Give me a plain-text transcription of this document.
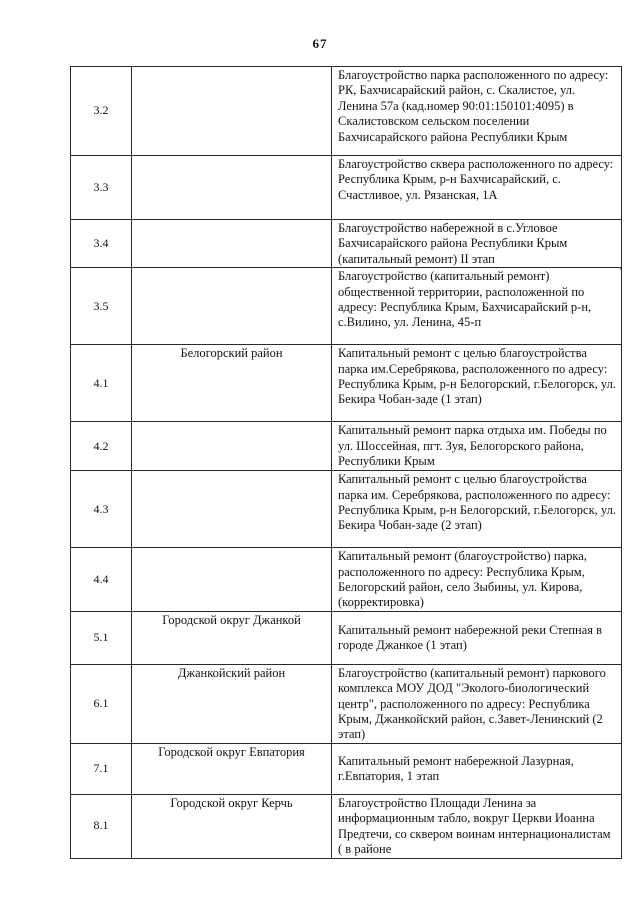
67
3.2		Благоустройство парка расположенного по адресу: РК, Бахчисарайский район, с. Скалистое, ул. Ленина 57а (кад.номер 90:01:150101:4095) в Скалистовском сельском поселении Бахчисарайского района Республики Крым
3.3		Благоустройство сквера расположенного по адресу: Республика Крым, р-н Бахчисарайский, с. Счастливое, ул. Рязанская, 1А
3.4		Благоустройство набережной в с.Угловое Бахчисарайского района Республики Крым (капитальный ремонт) II этап
3.5		Благоустройство (капитальный ремонт) общественной территории, расположенной по адресу: Республика Крым, Бахчисарайский р-н, с.Вилино, ул. Ленина, 45-п
4.1	Белогорский район	Капитальный ремонт с целью благоустройства парка им.Серебрякова, расположенного по адресу: Республика Крым, р-н Белогорский, г.Белогорск, ул. Бекира Чобан-заде (1 этап)
4.2		Капитальный ремонт парка отдыха им. Победы по ул. Шоссейная, пгт. Зуя, Белогорского района, Республики Крым
4.3		Капитальный ремонт с целью благоустройства парка им. Серебрякова, расположенного по адресу: Республика Крым, р-н Белогорский, г.Белогорск, ул. Бекира Чобан-заде (2 этап)
4.4		Капитальный ремонт (благоустройство) парка, расположенного по адресу: Республика Крым, Белогорский район, село Зыбины, ул. Кирова, (корректировка)
5.1	Городской округ Джанкой	Капитальный ремонт набережной реки Степная в городе Джанкое (1 этап)
6.1	Джанкойский район	Благоустройство (капитальный ремонт) паркового комплекса МОУ ДОД "Эколого-биологический центр", расположенного по адресу: Республика Крым, Джанкойский район, с.Завет-Ленинский (2 этап)
7.1	Городской округ Евпатория	Капитальный ремонт набережной Лазурная, г.Евпатория, 1 этап
8.1	Городской округ Керчь	Благоустройство Площади Ленина за информационным табло, вокруг Церкви Иоанна Предтечи, со сквером воинам интернационалистам ( в районе
